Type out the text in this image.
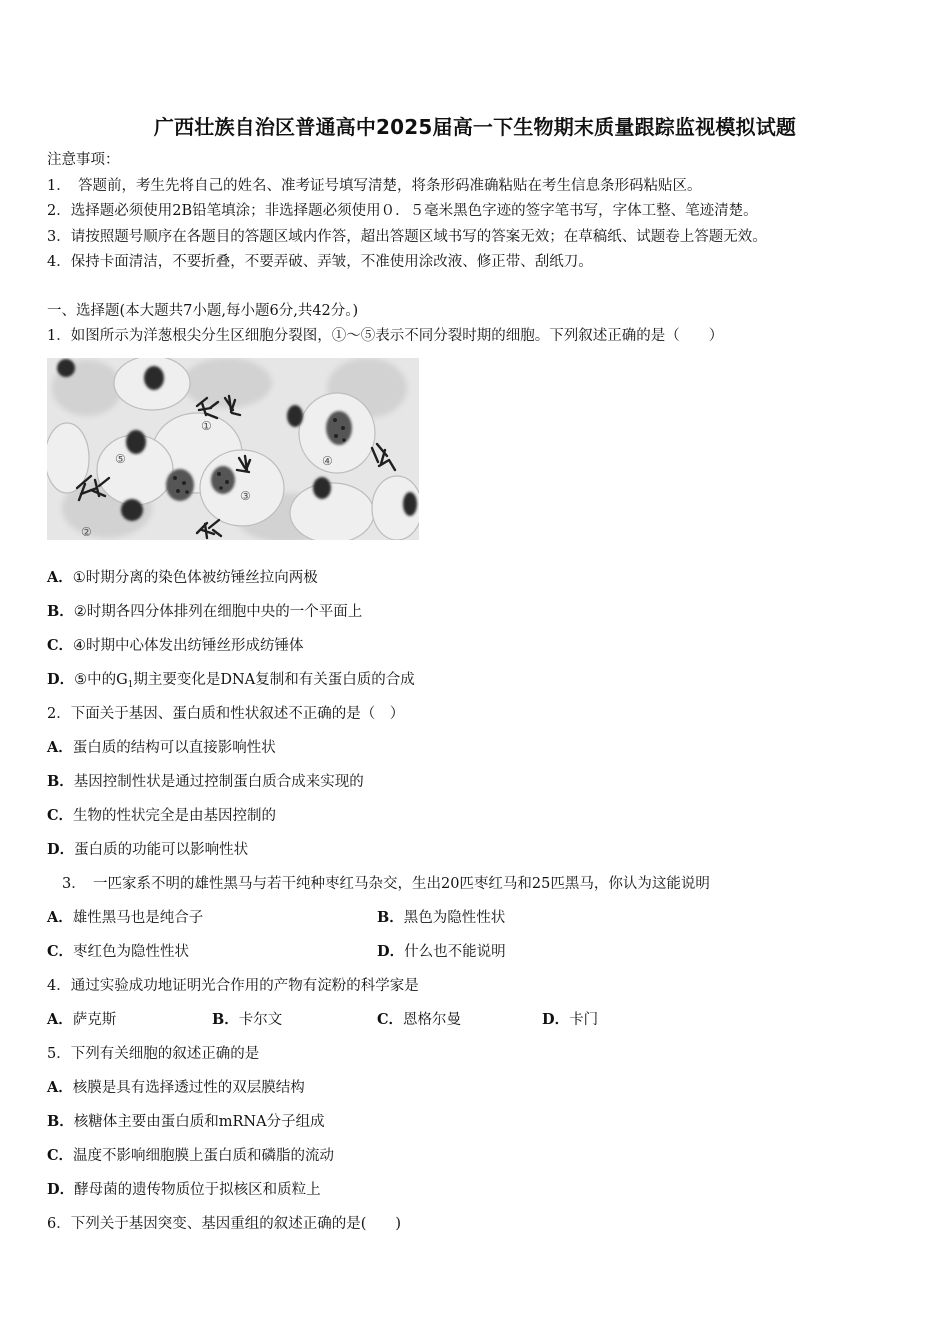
广西壮族自治区普通高中2025届高一下生物期末质量跟踪监视模拟试题
注意事项：
1．　答题前，考生先将自己的姓名、准考证号填写清楚，将条形码准确粘贴在考生信息条形码粘贴区。
2．选择题必须使用2B铅笔填涂；非选择题必须使用０．５毫米黑色字迹的签字笔书写，字体工整、笔迹清楚。
3．请按照题号顺序在各题目的答题区域内作答，超出答题区域书写的答案无效；在草稿纸、试题卷上答题无效。
4．保持卡面清洁，不要折叠，不要弄破、弄皱，不准使用涂改液、修正带、刮纸刀。
一、选择题(本大题共7小题,每小题6分,共42分。)
1．如图所示为洋葱根尖分生区细胞分裂图，①～⑤表示不同分裂时期的细胞。下列叙述正确的是（　　）
①
②
③
④
⑤
A．①时期分离的染色体被纺锤丝拉向两极
B．②时期各四分体排列在细胞中央的一个平面上
C．④时期中心体发出纺锤丝形成纺锤体
D．⑤中的$G_1$期主要变化是DNA复制和有关蛋白质的合成
2．下面关于基因、蛋白质和性状叙述不正确的是（　）
A．蛋白质的结构可以直接影响性状
B．基因控制性状是通过控制蛋白质合成来实现的
C．生物的性状完全是由基因控制的
D．蛋白质的功能可以影响性状
3．　一匹家系不明的雄性黑马与若干纯种枣红马杂交，生出20匹枣红马和25匹黑马，你认为这能说明
A．雄性黑马也是纯合子	B．黑色为隐性性状
C．枣红色为隐性性状	D．什么也不能说明
4．通过实验成功地证明光合作用的产物有淀粉的科学家是
A．萨克斯	B．卡尔文	C．恩格尔曼	D．卡门
5．下列有关细胞的叙述正确的是
A．核膜是具有选择透过性的双层膜结构
B．核糖体主要由蛋白质和mRNA分子组成
C．温度不影响细胞膜上蛋白质和磷脂的流动
D．酵母菌的遗传物质位于拟核区和质粒上
6．下列关于基因突变、基因重组的叙述正确的是(　　)
